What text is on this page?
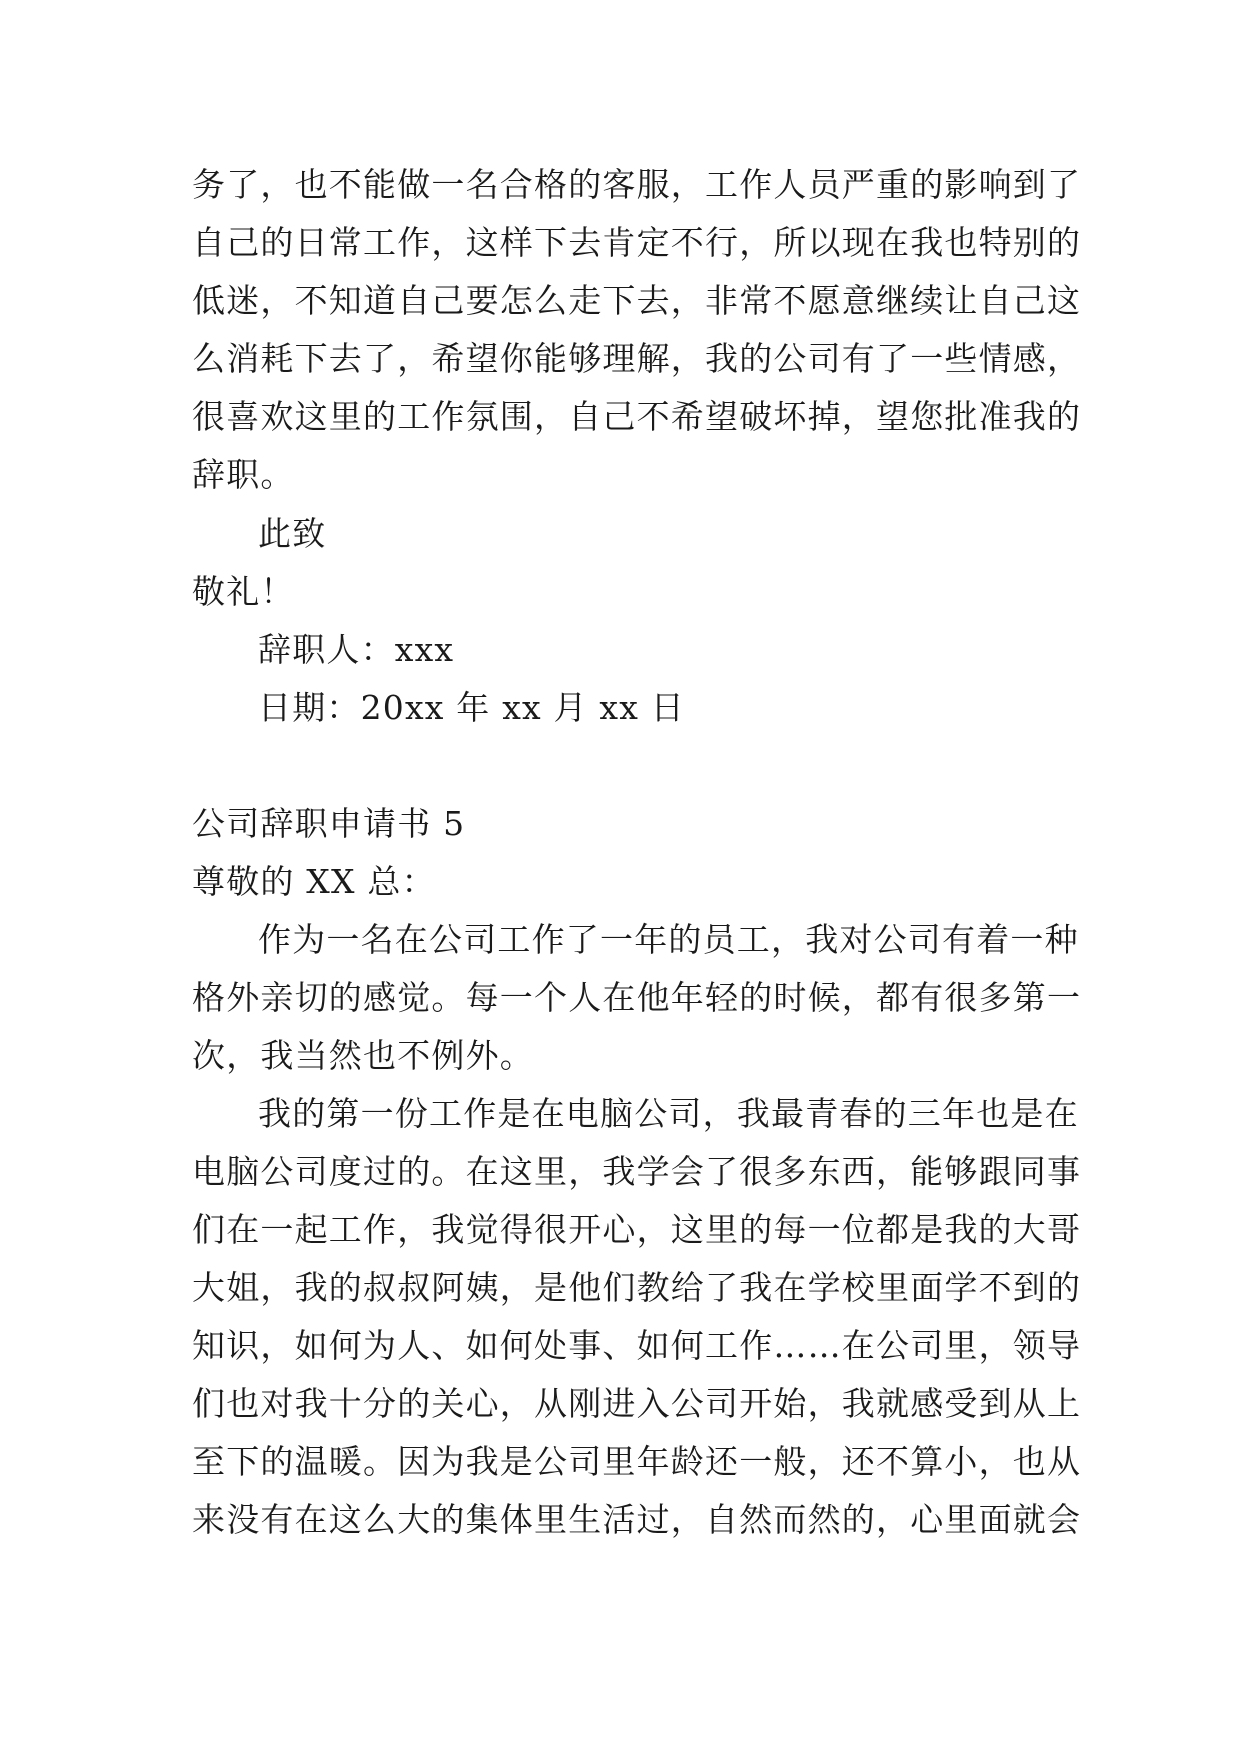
务了，也不能做一名合格的客服，工作人员严重的影响到了
自己的日常工作，这样下去肯定不行，所以现在我也特别的
低迷，不知道自己要怎么走下去，非常不愿意继续让自己这
么消耗下去了，希望你能够理解，我的公司有了一些情感，
很喜欢这里的工作氛围，自己不希望破坏掉，望您批准我的
辞职。
此致
敬礼！
辞职人：xxx
日期：20xx 年 xx 月 xx 日
公司辞职申请书 5
尊敬的 XX 总：
作为一名在公司工作了一年的员工，我对公司有着一种
格外亲切的感觉。每一个人在他年轻的时候，都有很多第一
次，我当然也不例外。
我的第一份工作是在电脑公司，我最青春的三年也是在
电脑公司度过的。在这里，我学会了很多东西，能够跟同事
们在一起工作，我觉得很开心，这里的每一位都是我的大哥
大姐，我的叔叔阿姨，是他们教给了我在学校里面学不到的
知识，如何为人、如何处事、如何工作……在公司里，领导
们也对我十分的关心，从刚进入公司开始，我就感受到从上
至下的温暖。因为我是公司里年龄还一般，还不算小，也从
来没有在这么大的集体里生活过，自然而然的，心里面就会
